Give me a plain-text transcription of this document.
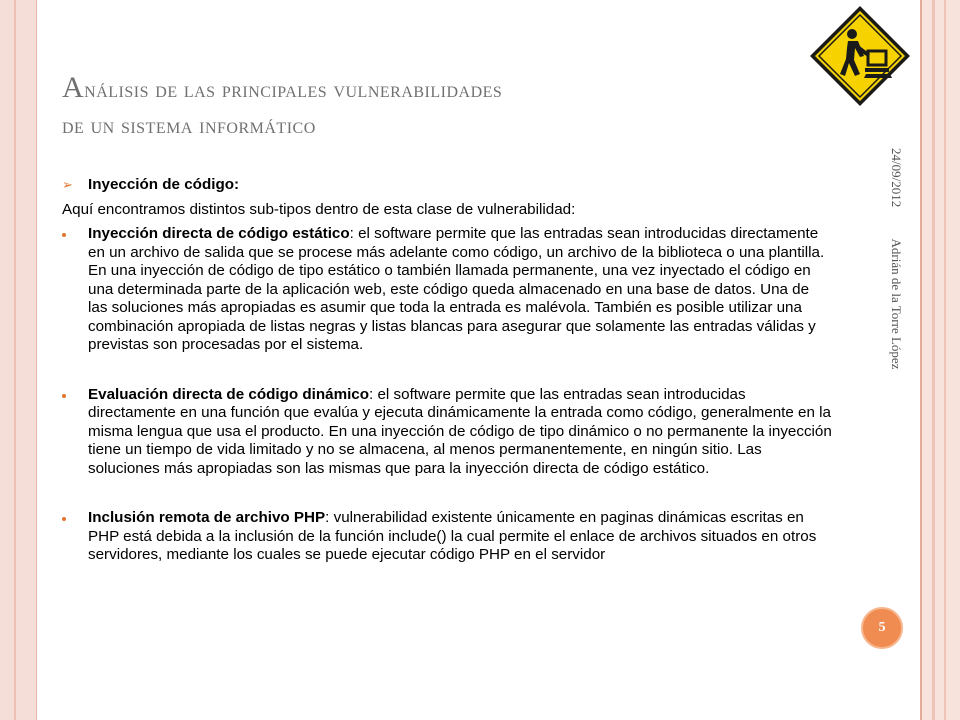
Análisis de las principales vulnerabilidades
de un sistema informático
24/09/2012 Adrián de la Torre López
5
➢ Inyección de código:
Aquí encontramos distintos sub-tipos dentro de esta clase de vulnerabilidad:
Inyección directa de código estático: el software permite que las entradas sean introducidas directamente en un archivo de salida que se procese más adelante como código, un archivo de la biblioteca o una plantilla. En una inyección de código de tipo estático o también llamada permanente, una vez inyectado el código en una determinada parte de la aplicación web, este código queda almacenado en una base de datos. Una de las soluciones más apropiadas es asumir que toda la entrada es malévola. También es posible utilizar una combinación apropiada de listas negras y listas blancas para asegurar que solamente las entradas válidas y previstas son procesadas por el sistema.
Evaluación directa de código dinámico: el software permite que las entradas sean introducidas directamente en una función que evalúa y ejecuta dinámicamente la entrada como código, generalmente en la misma lengua que usa el producto. En una inyección de código de tipo dinámico o no permanente la inyección tiene un tiempo de vida limitado y no se almacena, al menos permanentemente, en ningún sitio. Las soluciones más apropiadas son las mismas que para la inyección directa de código estático.
Inclusión remota de archivo PHP: vulnerabilidad existente únicamente en paginas dinámicas escritas en PHP está debida a la inclusión de la función include() la cual permite el enlace de archivos situados en otros servidores, mediante los cuales se puede ejecutar código PHP en el servidor
